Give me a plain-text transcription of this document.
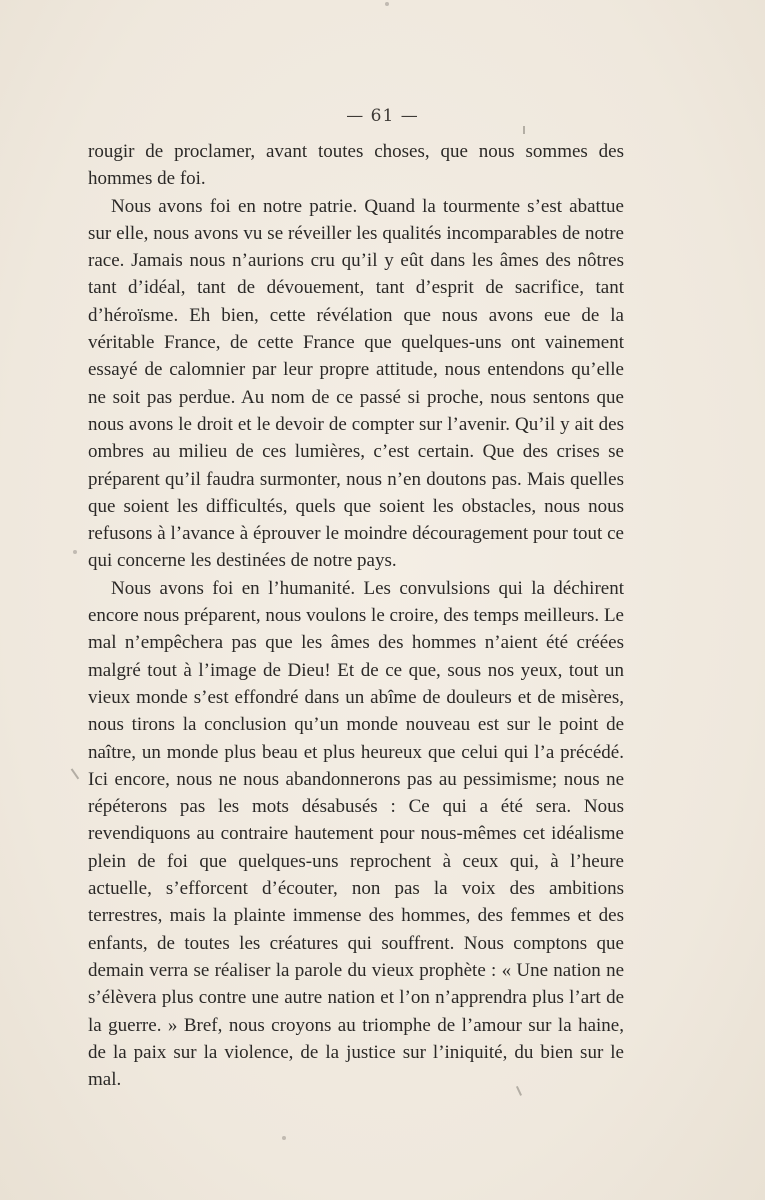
— 61 —

rougir de proclamer, avant toutes choses, que nous sommes des hommes de foi.

Nous avons foi en notre patrie. Quand la tourmente s’est abattue sur elle, nous avons vu se réveiller les qualités incomparables de notre race. Jamais nous n’aurions cru qu’il y eût dans les âmes des nôtres tant d’idéal, tant de dévouement, tant d’esprit de sacrifice, tant d’héroïsme. Eh bien, cette révélation que nous avons eue de la véritable France, de cette France que quelques-uns ont vainement essayé de calomnier par leur propre attitude, nous entendons qu’elle ne soit pas perdue. Au nom de ce passé si proche, nous sentons que nous avons le droit et le devoir de compter sur l’avenir. Qu’il y ait des ombres au milieu de ces lumières, c’est certain. Que des crises se préparent qu’il faudra surmonter, nous n’en doutons pas. Mais quelles que soient les difficultés, quels que soient les obstacles, nous nous refusons à l’avance à éprouver le moindre découragement pour tout ce qui concerne les destinées de notre pays.

Nous avons foi en l’humanité. Les convulsions qui la déchirent encore nous préparent, nous voulons le croire, des temps meilleurs. Le mal n’empêchera pas que les âmes des hommes n’aient été créées malgré tout à l’image de Dieu! Et de ce que, sous nos yeux, tout un vieux monde s’est effondré dans un abîme de douleurs et de misères, nous tirons la conclusion qu’un monde nouveau est sur le point de naître, un monde plus beau et plus heureux que celui qui l’a précédé. Ici encore, nous ne nous abandonnerons pas au pessimisme; nous ne répéterons pas les mots désabusés : Ce qui a été sera. Nous revendiquons au contraire hautement pour nous-mêmes cet idéalisme plein de foi que quelques-uns reprochent à ceux qui, à l’heure actuelle, s’efforcent d’écouter, non pas la voix des ambitions terrestres, mais la plainte immense des hommes, des femmes et des enfants, de toutes les créatures qui souffrent. Nous comptons que demain verra se réaliser la parole du vieux prophète : « Une nation ne s’élèvera plus contre une autre nation et l’on n’apprendra plus l’art de la guerre. » Bref, nous croyons au triomphe de l’amour sur la haine, de la paix sur la violence, de la justice sur l’iniquité, du bien sur le mal.
